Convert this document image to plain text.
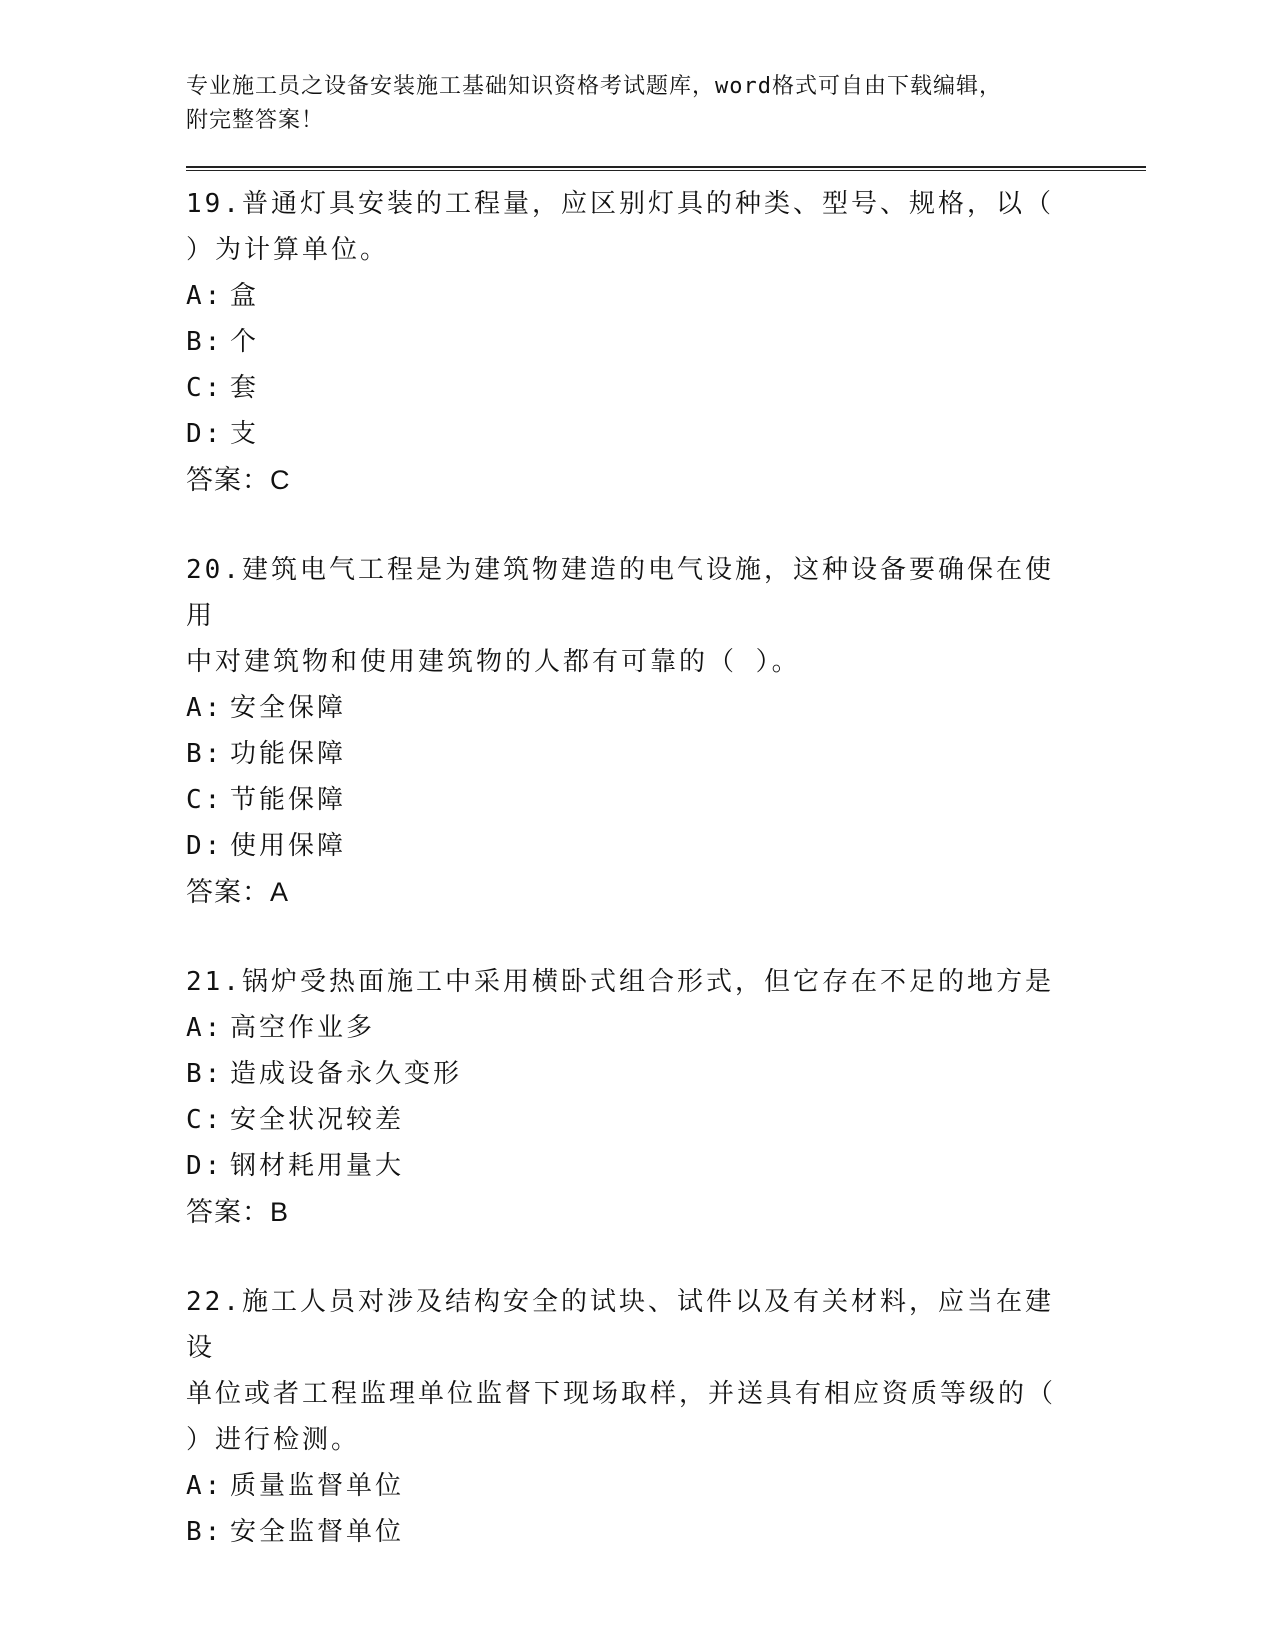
专业施工员之设备安装施工基础知识资格考试题库，word格式可自由下载编辑，
附完整答案！
19.普通灯具安装的工程量，应区别灯具的种类、型号、规格，以（
）为计算单位。
A: 盒
B: 个
C: 套
D: 支
答案：C
20.建筑电气工程是为建筑物建造的电气设施，这种设备要确保在使用
中对建筑物和使用建筑物的人都有可靠的（ ）。
A: 安全保障
B: 功能保障
C: 节能保障
D: 使用保障
答案：A
21.锅炉受热面施工中采用横卧式组合形式，但它存在不足的地方是
A: 高空作业多
B: 造成设备永久变形
C: 安全状况较差
D: 钢材耗用量大
答案：B
22.施工人员对涉及结构安全的试块、试件以及有关材料，应当在建设
单位或者工程监理单位监督下现场取样，并送具有相应资质等级的（
）进行检测。
A: 质量监督单位
B: 安全监督单位
